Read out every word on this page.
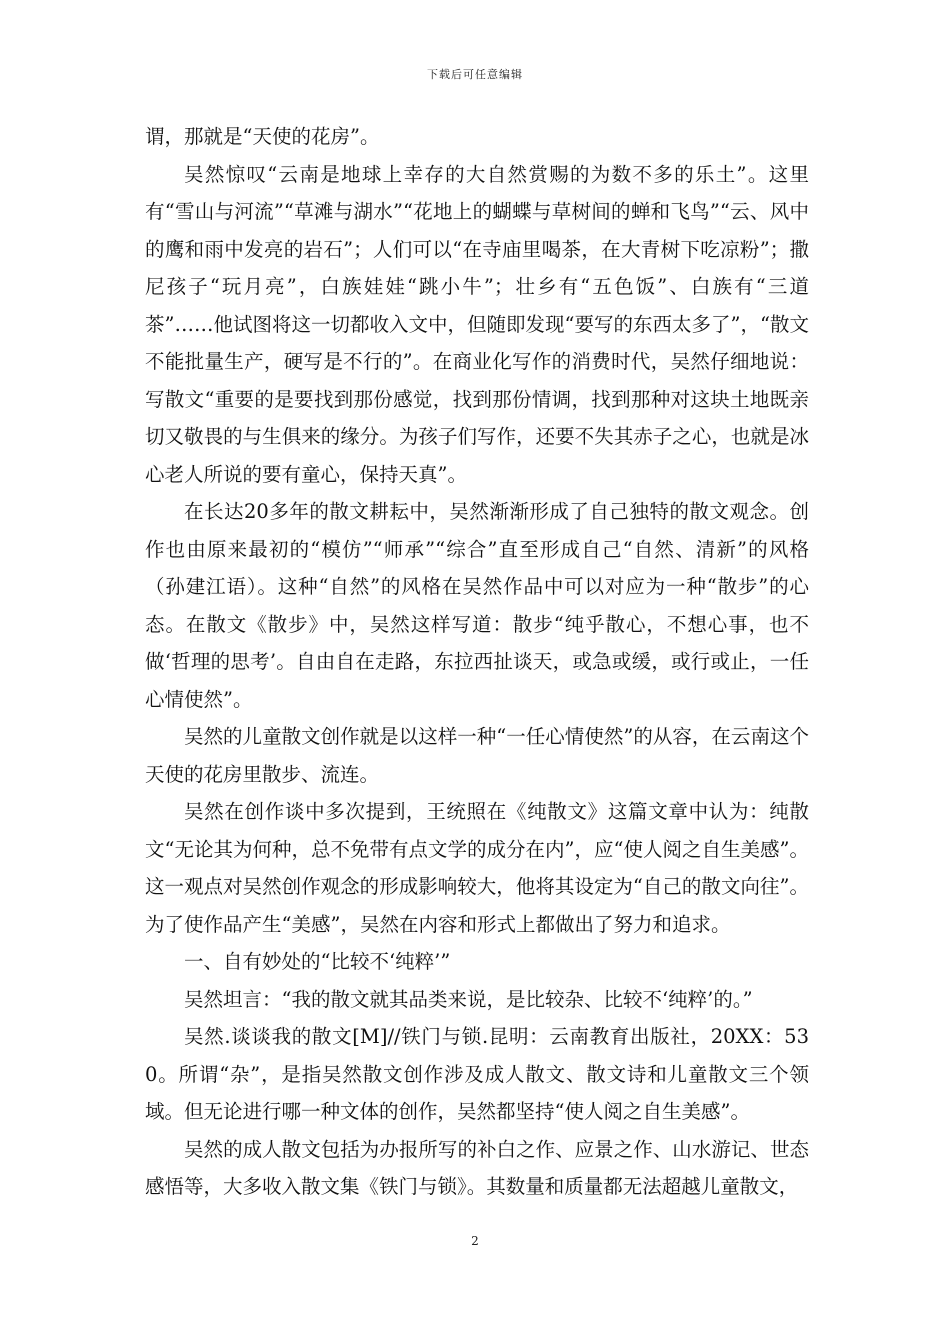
下载后可任意编辑

谓，那就是“天使的花房”。

吴然惊叹“云南是地球上幸存的大自然赏赐的为数不多的乐土”。这里有“雪山与河流”“草滩与湖水”“花地上的蝴蝶与草树间的蝉和飞鸟”“云、风中的鹰和雨中发亮的岩石”；人们可以“在寺庙里喝茶，在大青树下吃凉粉”；撒尼孩子“玩月亮”，白族娃娃“跳小牛”；壮乡有“五色饭”、白族有“三道茶”……他试图将这一切都收入文中，但随即发现“要写的东西太多了”，“散文不能批量生产，硬写是不行的”。在商业化写作的消费时代，吴然仔细地说：写散文“重要的是要找到那份感觉，找到那份情调，找到那种对这块土地既亲切又敬畏的与生俱来的缘分。为孩子们写作，还要不失其赤子之心，也就是冰心老人所说的要有童心，保持天真”。

在长达20多年的散文耕耘中，吴然渐渐形成了自己独特的散文观念。创作也由原来最初的“模仿”“师承”“综合”直至形成自己“自然、清新”的风格（孙建江语）。这种“自然”的风格在吴然作品中可以对应为一种“散步”的心态。在散文《散步》中，吴然这样写道：散步“纯乎散心，不想心事，也不做‘哲理的思考’。自由自在走路，东拉西扯谈天，或急或缓，或行或止，一任心情使然”。

吴然的儿童散文创作就是以这样一种“一任心情使然”的从容，在云南这个天使的花房里散步、流连。

吴然在创作谈中多次提到，王统照在《纯散文》这篇文章中认为：纯散文“无论其为何种，总不免带有点文学的成分在内”，应“使人阅之自生美感”。这一观点对吴然创作观念的形成影响较大，他将其设定为“自己的散文向往”。为了使作品产生“美感”，吴然在内容和形式上都做出了努力和追求。

一、自有妙处的“比较不‘纯粹’”

吴然坦言：“我的散文就其品类来说，是比较杂、比较不‘纯粹’的。”

吴然.谈谈我的散文[M]//铁门与锁.昆明：云南教育出版社，20XX：530。所谓“杂”，是指吴然散文创作涉及成人散文、散文诗和儿童散文三个领域。但无论进行哪一种文体的创作，吴然都坚持“使人阅之自生美感”。

吴然的成人散文包括为办报所写的补白之作、应景之作、山水游记、世态感悟等，大多收入散文集《铁门与锁》。其数量和质量都无法超越儿童散文，

2
